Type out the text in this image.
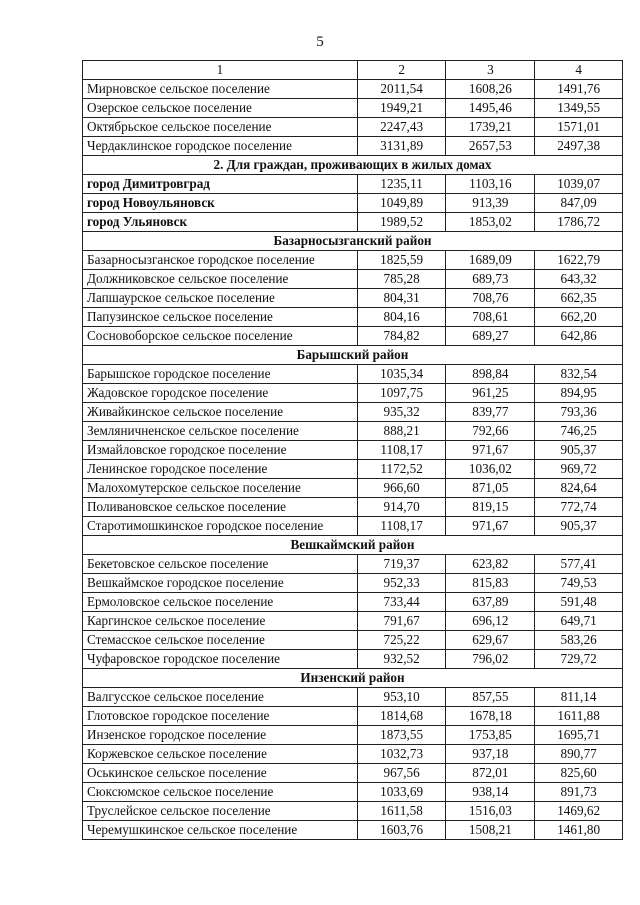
5
1	2	3	4
Мирновское сельское поселение	2011,54	1608,26	1491,76
Озерское сельское поселение	1949,21	1495,46	1349,55
Октябрьское сельское поселение	2247,43	1739,21	1571,01
Чердаклинское городское поселение	3131,89	2657,53	2497,38
2. Для граждан, проживающих в жилых домах			
город Димитровград	1235,11	1103,16	1039,07
город Новоульяновск	1049,89	913,39	847,09
город Ульяновск	1989,52	1853,02	1786,72
Базарносызганский район			
Базарносызганское городское поселение	1825,59	1689,09	1622,79
Должниковское сельское поселение	785,28	689,73	643,32
Лапшаурское сельское поселение	804,31	708,76	662,35
Папузинское сельское поселение	804,16	708,61	662,20
Сосновоборское сельское поселение	784,82	689,27	642,86
Барышский район			
Барышское городское поселение	1035,34	898,84	832,54
Жадовское городское поселение	1097,75	961,25	894,95
Живайкинское сельское поселение	935,32	839,77	793,36
Земляничненское сельское поселение	888,21	792,66	746,25
Измайловское городское поселение	1108,17	971,67	905,37
Ленинское городское поселение	1172,52	1036,02	969,72
Малохомутерское сельское поселение	966,60	871,05	824,64
Поливановское сельское поселение	914,70	819,15	772,74
Старотимошкинское городское поселение	1108,17	971,67	905,37
Вешкаймский район			
Бекетовское сельское поселение	719,37	623,82	577,41
Вешкаймское городское поселение	952,33	815,83	749,53
Ермоловское сельское поселение	733,44	637,89	591,48
Каргинское сельское поселение	791,67	696,12	649,71
Стемасское сельское поселение	725,22	629,67	583,26
Чуфаровское городское поселение	932,52	796,02	729,72
Инзенский район			
Валгусское сельское поселение	953,10	857,55	811,14
Глотовское городское поселение	1814,68	1678,18	1611,88
Инзенское городское поселение	1873,55	1753,85	1695,71
Коржевское сельское поселение	1032,73	937,18	890,77
Оськинское сельское поселение	967,56	872,01	825,60
Сюксюмское сельское поселение	1033,69	938,14	891,73
Труслейское сельское поселение	1611,58	1516,03	1469,62
Черемушкинское сельское поселение	1603,76	1508,21	1461,80
